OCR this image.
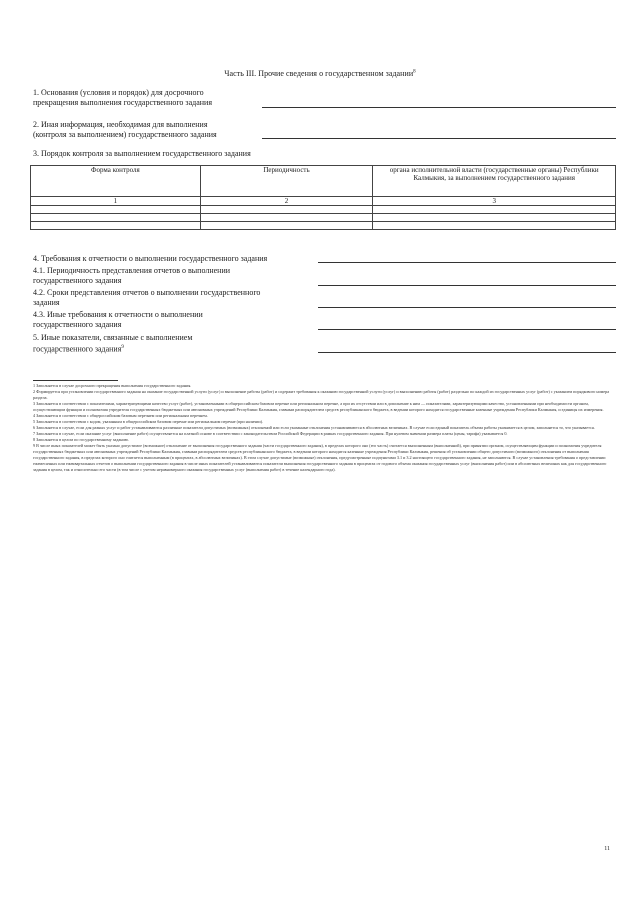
Часть III. Прочие сведения о государственном задании$^8$
1. Основания (условия и порядок) для досрочного
прекращения выполнения государственного задания
2. Иная информация, необходимая для выполнения
(контроля за выполнением) государственного задания
3. Порядок контроля за выполнением государственного задания
Форма контроля	Периодичность	органа исполнительной власти (государственные органы) Республики Калмыкия, за выполнением государственного задания
1	2	3

4. Требования к отчетности о выполнении государственного задания
4.1. Периодичность представления отчетов о выполнении
государственного задания
4.2. Сроки представления отчетов о выполнении государственного
задания
4.3. Иные требования к отчетности о выполнении
государственного задания
5. Иные показатели, связанные с выполнением
государственного задания$^9$

1 Заполняется в случае досрочного прекращения выполнения государственного задания.

2 Формируется при установлении государственного задания на оказание государственной услуги (услуг) и выполнение работы (работ) и содержит требования к оказанию государственной услуги (услуг) и выполнению работы (работ) раздельно по каждой из государственных услуг (работ) с указанием порядкового номера раздела.

3 Заполняется в соответствии с показателями, характеризующими качество услуг (работ), установленными в общероссийском базовом перечне или региональном перечне, а при их отсутствии или в дополнение к ним — показателями, характеризующими качество, установленными при необходимости органом, осуществляющим функции и полномочия учредителя государственных бюджетных или автономных учреждений Республики Калмыкия, главным распорядителем средств республиканского бюджета, в ведении которого находятся государственные казенные учреждения Республики Калмыкия, и единицы их измерения.

4 Заполняется в соответствии с общероссийским базовым перечнем или региональным перечнем.

5 Заполняется в соответствии с кодом, указанным в общероссийском базовом перечне или региональном перечне (при наличии).

6 Заполняется в случае, если для разных услуг и работ устанавливаются различные показатели допустимых (возможных) отклонений или если указанные отклонения устанавливаются в абсолютных величинах. В случае если единый показатель объема работы указывается в целом, заполняется то, что указывается.

7 Заполняется в случае, если оказание услуг (выполнение работ) осуществляется на платной основе в соответствии с законодательством Российской Федерации в рамках государственного задания. При нулевом значении размера платы (цены, тарифа) указывается 0.

8 Заполняется в целом по государственному заданию.

9 В числе иных показателей может быть указано допустимое (возможное) отклонение от выполнения государственного задания (части государственного задания), в пределах которого оно (его часть) считается выполненным (выполненной), при принятии органом, осуществляющим функции и полномочия учредителя государственных бюджетных или автономных учреждений Республики Калмыкия, главным распорядителем средств республиканского бюджета, в ведении которого находятся казенные учреждения Республики Калмыкия, решения об установлении общего допустимого (возможного) отклонения от выполнения государственного задания, в пределах которого оно считается выполненным (в процентах, в абсолютных величинах). В этом случае допустимые (возможные) отклонения, предусмотренные подпунктами 3.1 и 3.2 настоящего государственного задания, не заполняются. В случае установления требования о представлении ежемесячных или ежеквартальных отчетов о выполнении государственного задания в числе иных показателей устанавливаются показатели выполнения государственного задания в процентах от годового объема оказания государственных услуг (выполнения работ) или в абсолютных величинах как для государственного задания в целом, так и относительно его части (в том числе с учетом неравномерного оказания государственных услуг (выполнения работ) в течение календарного года).

11
